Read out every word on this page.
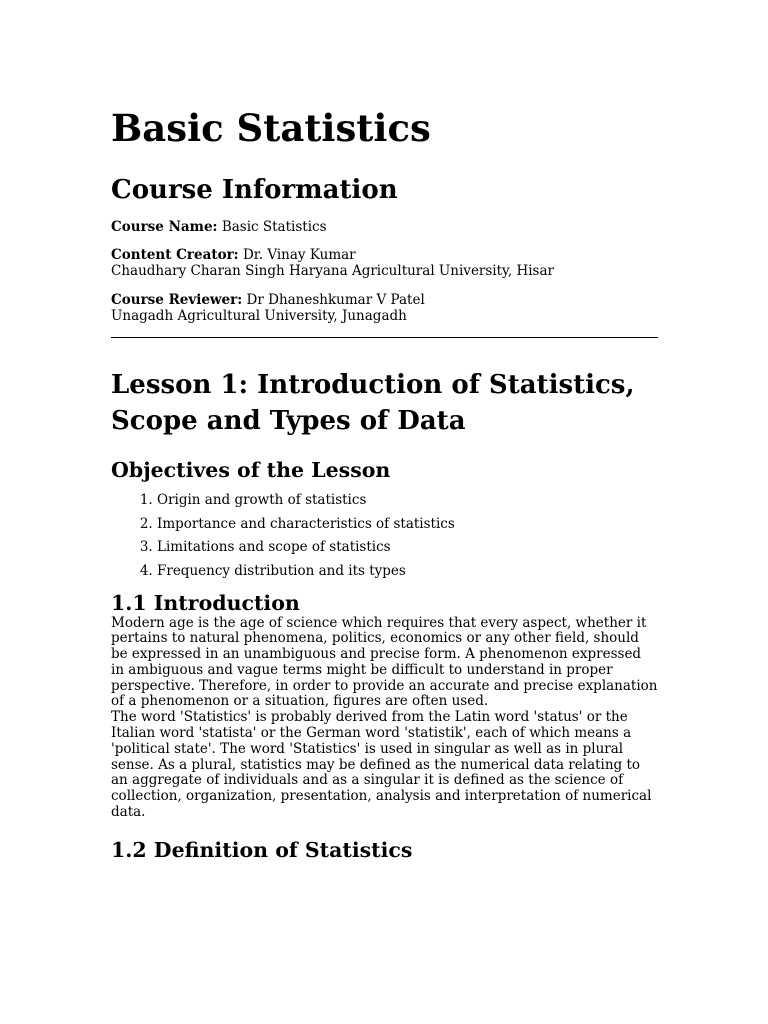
Basic Statistics
Course Information

Course Name: Basic Statistics

Content Creator: Dr. Vinay Kumar
Chaudhary Charan Singh Haryana Agricultural University, Hisar

Course Reviewer: Dr Dhaneshkumar V Patel
Unagadh Agricultural University, Junagadh

Lesson 1: Introduction of Statistics, Scope and Types of Data
Objectives of the Lesson
1. Origin and growth of statistics
2. Importance and characteristics of statistics
3. Limitations and scope of statistics
4. Frequency distribution and its types
1.1 Introduction

Modern age is the age of science which requires that every aspect, whether it pertains to natural phenomena, politics, economics or any other field, should be expressed in an unambiguous and precise form. A phenomenon expressed in ambiguous and vague terms might be difficult to understand in proper perspective. Therefore, in order to provide an accurate and precise explanation of a phenomenon or a situation, figures are often used.

The word 'Statistics' is probably derived from the Latin word 'status' or the Italian word 'statista' or the German word 'statistik', each of which means a 'political state'. The word 'Statistics' is used in singular as well as in plural sense. As a plural, statistics may be defined as the numerical data relating to an aggregate of individuals and as a singular it is defined as the science of collection, organization, presentation, analysis and interpretation of numerical data.

1.2 Definition of Statistics
